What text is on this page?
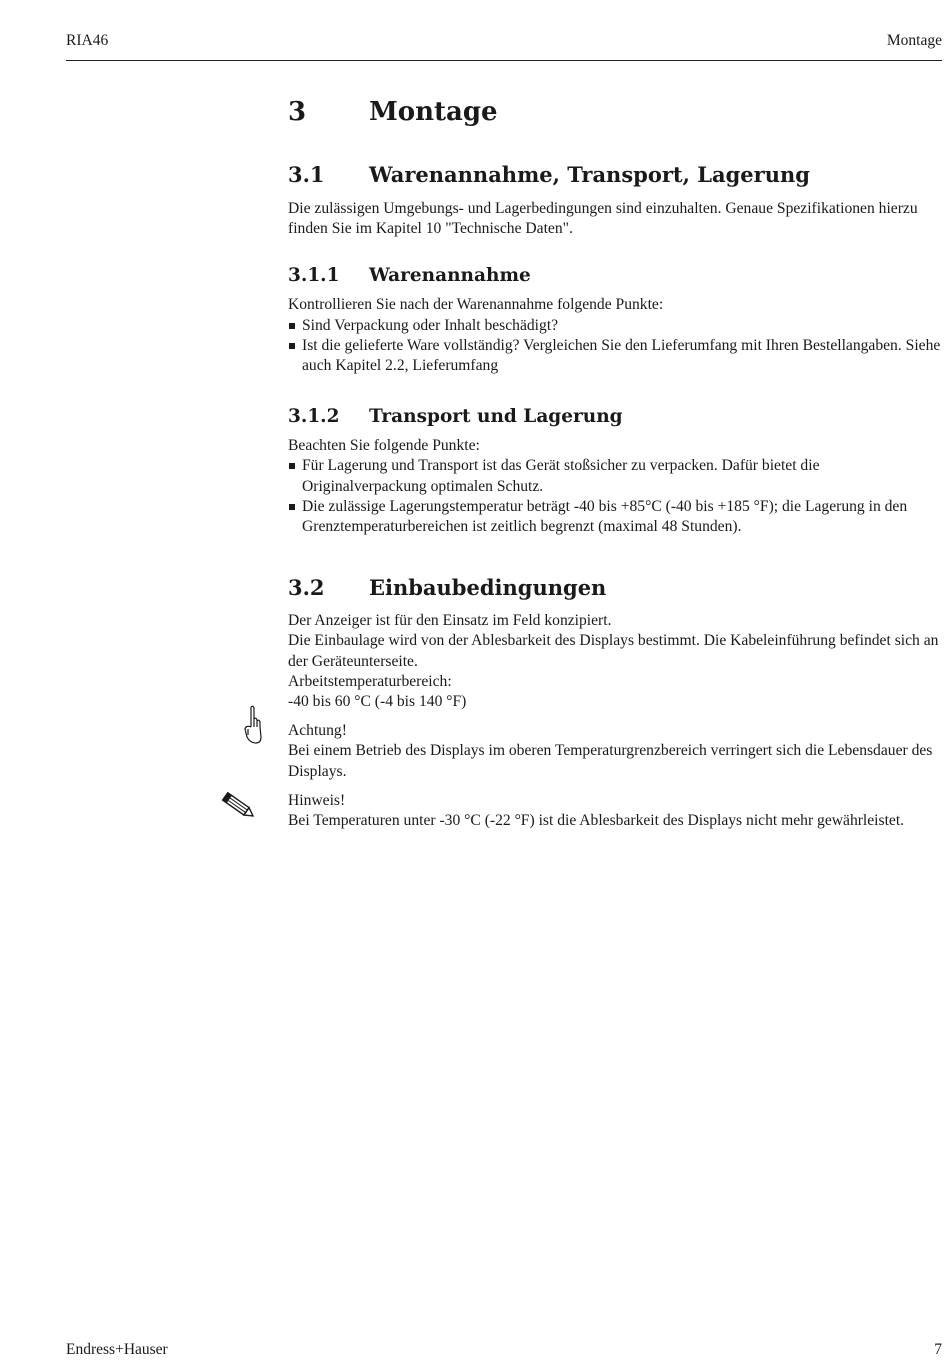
RIA46	Montage
3	Montage
3.1	Warenannahme, Transport, Lagerung

Die zulässigen Umgebungs- und Lagerbedingungen sind einzuhalten. Genaue Spezifikationen hierzu finden Sie im Kapitel 10 "Technische Daten".

3.1.1	Warenannahme

Kontrollieren Sie nach der Warenannahme folgende Punkte:

Sind Verpackung oder Inhalt beschädigt?
Ist die gelieferte Ware vollständig? Vergleichen Sie den Lieferumfang mit Ihren Bestellangaben. Siehe auch Kapitel 2.2, Lieferumfang
3.1.2	Transport und Lagerung

Beachten Sie folgende Punkte:

Für Lagerung und Transport ist das Gerät stoßsicher zu verpacken. Dafür bietet die Originalverpackung optimalen Schutz.
Die zulässige Lagerungstemperatur beträgt -40 bis +85°C (-40 bis +185 °F); die Lagerung in den Grenztemperaturbereichen ist zeitlich begrenzt (maximal 48 Stunden).
3.2	Einbaubedingungen

Der Anzeiger ist für den Einsatz im Feld konzipiert.

Die Einbaulage wird von der Ablesbarkeit des Displays bestimmt. Die Kabeleinführung befindet sich an der Geräteunterseite.

Arbeitstemperaturbereich:

-40 bis 60 °C (-4 bis 140 °F)

Achtung!

Bei einem Betrieb des Displays im oberen Temperaturgrenzbereich verringert sich die Lebensdauer des Displays.

Hinweis!

Bei Temperaturen unter -30 °C (-22 °F) ist die Ablesbarkeit des Displays nicht mehr gewährleistet.

Endress+Hauser	7
